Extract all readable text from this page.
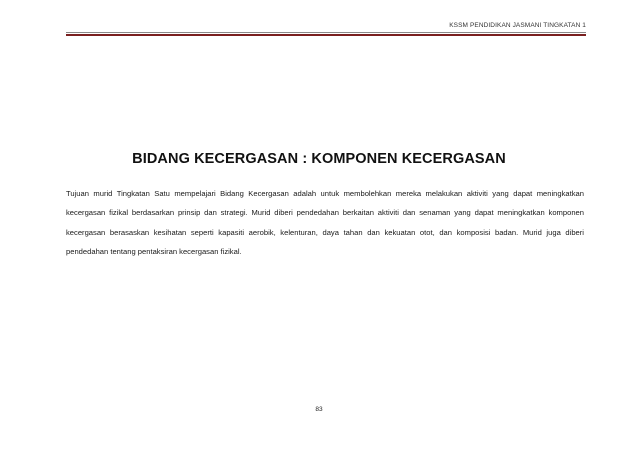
KSSM PENDIDIKAN JASMANI TINGKATAN 1
BIDANG KECERGASAN : KOMPONEN KECERGASAN
Tujuan murid Tingkatan Satu mempelajari Bidang Kecergasan adalah untuk membolehkan mereka melakukan aktiviti yang dapat meningkatkan kecergasan fizikal berdasarkan prinsip dan strategi. Murid diberi pendedahan berkaitan aktiviti dan senaman yang dapat meningkatkan komponen kecergasan berasaskan kesihatan seperti kapasiti aerobik, kelenturan, daya tahan dan kekuatan otot, dan komposisi badan. Murid juga diberi pendedahan tentang pentaksiran kecergasan fizikal.
83
